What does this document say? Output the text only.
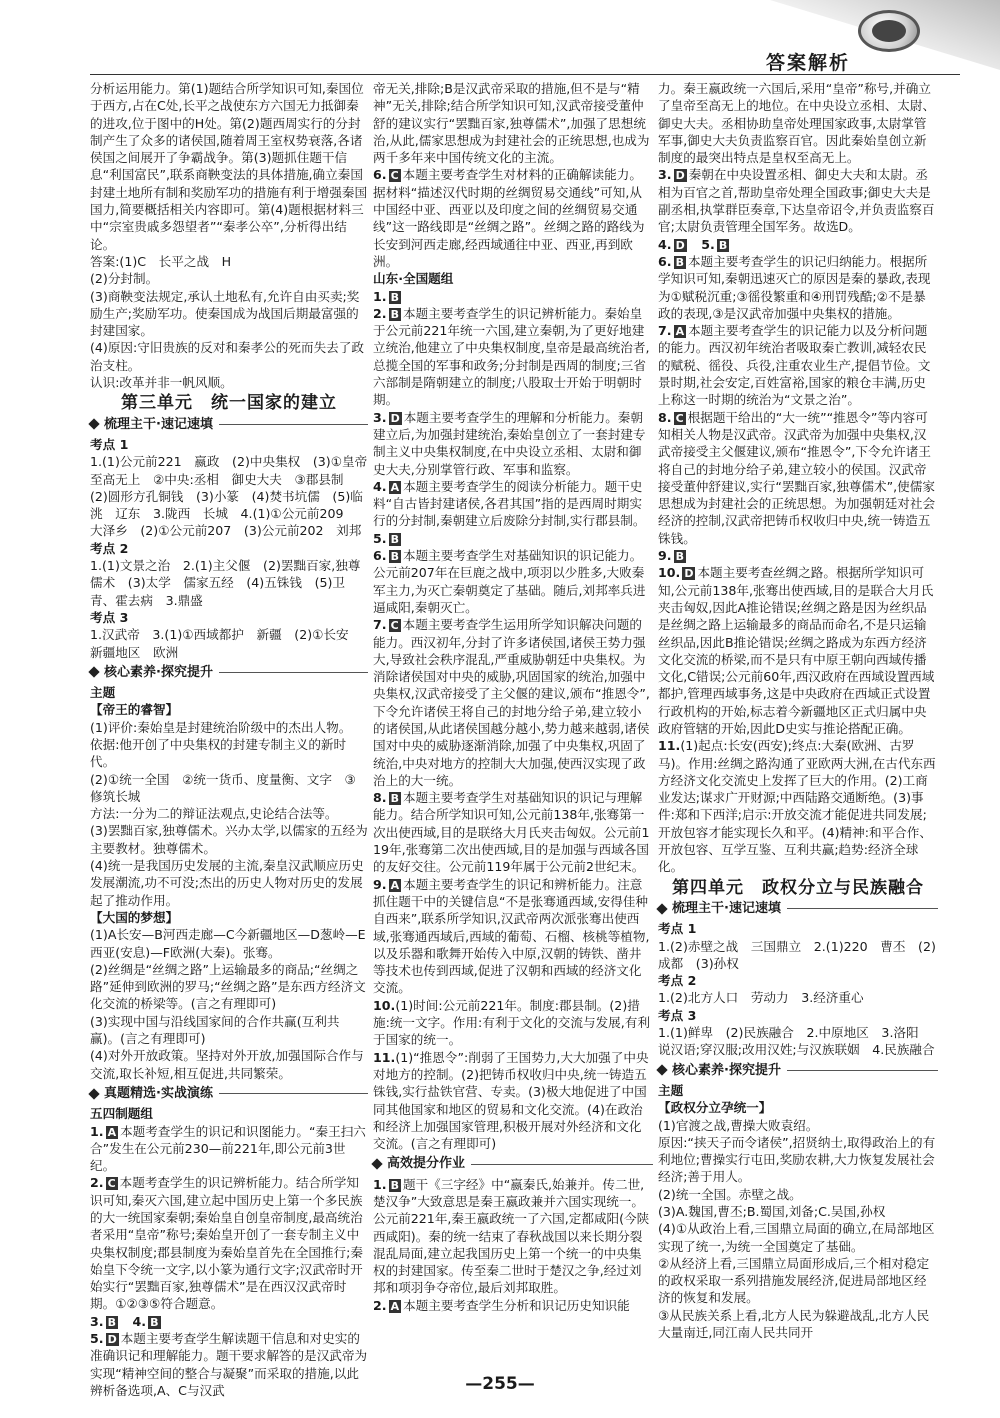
答案解析

分析运用能力。第(1)题结合所学知识可知,秦国位于西方,占在C处,长平之战使东方六国无力抵御秦的进攻,位于图中的H处。第(2)题西周实行的分封制产生了众多的诸侯国,随着周王室权势衰落,各诸侯国之间展开了争霸战争。第(3)题抓住题干信息“利国富民”,联系商鞅变法的具体措施,确立秦国封建土地所有制和奖励军功的措施有利于增强秦国国力,简要概括相关内容即可。第(4)题根据材料三中“宗室贵戚多怨望者”“秦孝公卒”,分析得出结论。

答案:(1)C　长平之战　H

(2)分封制。

(3)商鞅变法规定,承认土地私有,允许自由买卖;奖励生产;奖励军功。使秦国成为战国后期最富强的封建国家。

(4)原因:守旧贵族的反对和秦孝公的死而失去了政治支柱。

认识:改革并非一帆风顺。

第三单元　统一国家的建立
梳理主干·速记速填

考点 1

1.(1)公元前221　嬴政　(2)中央集权　(3)①皇帝至高无上　②中央:丞相　御史大夫　③郡县制　(2)圆形方孔铜钱　(3)小篆　(4)焚书坑儒　(5)临洮　辽东　3.陇西　长城　4.(1)①公元前209　大泽乡　(2)①公元前207　(3)公元前202　刘邦

考点 2

1.(1)文景之治　2.(1)主父偃　(2)罢黜百家,独尊儒术　(3)太学　儒家五经　(4)五铢钱　(5)卫青、霍去病　3.鼎盛

考点 3

1.汉武帝　3.(1)①西域都护　新疆　(2)①长安　新疆地区　欧洲

核心素养·探究提升

主题

【帝王的睿智】

(1)评价:秦始皇是封建统治阶级中的杰出人物。

依据:他开创了中央集权的封建专制主义的新时代。

(2)①统一全国　②统一货币、度量衡、文字　③修筑长城

方法:一分为二的辩证法观点,史论结合法等。

(3)罢黜百家,独尊儒术。兴办太学,以儒家的五经为主要教材。独尊儒术。

(4)统一是我国历史发展的主流,秦皇汉武顺应历史发展潮流,功不可没;杰出的历史人物对历史的发展起了推动作用。

【大国的梦想】

(1)A长安—B河西走廊—C今新疆地区—D葱岭—E西亚(安息)—F欧洲(大秦)。张骞。

(2)丝绸是“丝绸之路”上运输最多的商品;“丝绸之路”延伸到欧洲的罗马;“丝绸之路”是东西方经济文化交流的桥梁等。(言之有理即可)

(3)实现中国与沿线国家间的合作共赢(互利共赢)。(言之有理即可)

(4)对外开放政策。坚持对外开放,加强国际合作与交流,取长补短,相互促进,共同繁荣。

真题精选·实战演练

五四制题组

1. A 本题考查学生的识记和识图能力。“秦王扫六合”发生在公元前230—前221年,即公元前3世纪。

2. C 本题考查学生的识记辨析能力。结合所学知识可知,秦灭六国,建立起中国历史上第一个多民族的大一统国家秦朝;秦始皇自创皇帝制度,最高统治者采用“皇帝”称号;秦始皇开创了一套专制主义中央集权制度;郡县制度为秦始皇首先在全国推行;秦始皇下令统一文字,以小篆为通行文字;汉武帝时开始实行“罢黜百家,独尊儒术”是在西汉汉武帝时期。①②③⑤符合题意。

3. B　 4. B

5. D 本题主要考查学生解读题干信息和对史实的准确识记和理解能力。题干要求解答的是汉武帝为实现“精神空间的整合与凝聚”而采取的措施,以此辨析备选项,A、C与汉武

帝无关,排除;B是汉武帝采取的措施,但不是与“精神”无关,排除;结合所学知识可知,汉武帝接受董仲舒的建议实行“罢黜百家,独尊儒术”,加强了思想统治,从此,儒家思想成为封建社会的正统思想,也成为两千多年来中国传统文化的主流。

6. C 本题主要考查学生对材料的正确解读能力。据材料“描述汉代时期的丝绸贸易交通线”可知,从中国经中亚、西亚以及印度之间的丝绸贸易交通线”这一路线即是“丝绸之路”。丝绸之路的路线为长安到河西走廊,经西域通往中亚、西亚,再到欧洲。

山东·全国题组

1. B

2. B 本题主要考查学生的识记辨析能力。秦始皇于公元前221年统一六国,建立秦朝,为了更好地建立统治,他建立了中央集权制度,皇帝是最高统治者,总揽全国的军事和政务;分封制是西周的制度;三省六部制是隋朝建立的制度;八股取士开始于明朝时期。

3. D 本题主要考查学生的理解和分析能力。秦朝建立后,为加强封建统治,秦始皇创立了一套封建专制主义中央集权制度,在中央设立丞相、太尉和御史大夫,分别掌管行政、军事和监察。

4. A 本题主要考查学生的阅读分析能力。题干史料“自古皆封建诸侯,各君其国”指的是西周时期实行的分封制,秦朝建立后废除分封制,实行郡县制。

5. B

6. B 本题主要考查学生对基础知识的识记能力。公元前207年在巨鹿之战中,项羽以少胜多,大败秦军主力,为灭亡秦朝奠定了基础。随后,刘邦率兵进逼咸阳,秦朝灭亡。

7. C 本题主要考查学生运用所学知识解决问题的能力。西汉初年,分封了许多诸侯国,诸侯王势力强大,导致社会秩序混乱,严重威胁朝廷中央集权。为消除诸侯国对中央的威胁,巩固国家的统治,加强中央集权,汉武帝接受了主父偃的建议,颁布“推恩令”,下令允许诸侯王将自己的封地分给子弟,建立较小的诸侯国,从此诸侯国越分越小,势力越来越弱,诸侯国对中央的威胁逐渐消除,加强了中央集权,巩固了统治,中央对地方的控制大大加强,使西汉实现了政治上的大一统。

8. B 本题主要考查学生对基础知识的识记与理解能力。结合所学知识可知,公元前138年,张骞第一次出使西域,目的是联络大月氏夹击匈奴。公元前119年,张骞第二次出使西域,目的是加强与西域各国的友好交往。公元前119年属于公元前2世纪末。

9. A 本题主要考查学生的识记和辨析能力。注意抓住题干中的关键信息“不是张骞通西域,安得佳种自西来”,联系所学知识,汉武帝两次派张骞出使西域,张骞通西域后,西域的葡萄、石榴、核桃等植物,以及乐器和歌舞开始传入中原,汉朝的铸铁、凿井等技术也传到西域,促进了汉朝和西域的经济文化交流。

10.(1)时间:公元前221年。制度:郡县制。(2)措施:统一文字。作用:有利于文化的交流与发展,有利于国家的统一。

11.(1)“推恩令”:削弱了王国势力,大大加强了中央对地方的控制。(2)把铸币权收归中央,统一铸造五铢钱,实行盐铁官营、专卖。(3)极大地促进了中国同其他国家和地区的贸易和文化交流。(4)在政治和经济上加强国家管理,积极开展对外经济和文化交流。(言之有理即可)

高效提分作业

1. B 题干《三字经》中“嬴秦氏,始兼并。传二世,楚汉争”大致意思是秦王嬴政兼并六国实现统一。公元前221年,秦王嬴政统一了六国,定都咸阳(今陕西咸阳)。秦的统一结束了春秋战国以来长期分裂混乱局面,建立起我国历史上第一个统一的中央集权的封建国家。传至秦二世时于楚汉之争,经过刘邦和项羽争夺帝位,最后刘邦取胜。

2. A 本题主要考查学生分析和识记历史知识能

力。秦王嬴政统一六国后,采用“皇帝”称号,并确立了皇帝至高无上的地位。在中央设立丞相、太尉、御史大夫。丞相协助皇帝处理国家政事,太尉掌管军事,御史大夫负责监察百官。因此秦始皇创立新制度的最突出特点是皇权至高无上。

3. D 秦朝在中央设置丞相、御史大夫和太尉。丞相为百官之首,帮助皇帝处理全国政事;御史大夫是副丞相,执掌群臣奏章,下达皇帝诏令,并负责监察百官;太尉负责管理全国军务。故选D。

4. D　 5. B

6. B 本题主要考查学生的识记归纳能力。根据所学知识可知,秦朝迅速灭亡的原因是秦的暴政,表现为①赋税沉重;③徭役繁重和④刑罚残酷;②不是暴政的表现,③是汉武帝加强中央集权的措施。

7. A 本题主要考查学生的识记能力以及分析问题的能力。西汉初年统治者吸取秦亡教训,减轻农民的赋税、徭役、兵役,注重农业生产,提倡节俭。文景时期,社会安定,百姓富裕,国家的粮仓丰满,历史上称这一时期的统治为“文景之治”。

8. C 根据题干给出的“大一统”“推恩令”等内容可知相关人物是汉武帝。汉武帝为加强中央集权,汉武帝接受主父偃建议,颁布“推恩令”,下令允许诸王将自己的封地分给子弟,建立较小的侯国。汉武帝接受董仲舒建议,实行“罢黜百家,独尊儒术”,使儒家思想成为封建社会的正统思想。为加强朝廷对社会经济的控制,汉武帝把铸币权收归中央,统一铸造五铢钱。

9. B

10. D 本题主要考查丝绸之路。根据所学知识可知,公元前138年,张骞出使西域,目的是联合大月氏夹击匈奴,因此A推论错误;丝绸之路是因为丝织品是丝绸之路上运输最多的商品而命名,不是只运输丝织品,因此B推论错误;丝绸之路成为东西方经济文化交流的桥梁,而不是只有中原王朝向西域传播文化,C错误;公元前60年,西汉政府在西域设置西域都护,管理西域事务,这是中央政府在西域正式设置行政机构的开始,标志着今新疆地区正式归属中央政府管辖的开始,因此D史实与推论搭配正确。

11.(1)起点:长安(西安);终点:大秦(欧洲、古罗马)。作用:丝绸之路沟通了亚欧两大洲,在古代东西方经济文化交流史上发挥了巨大的作用。(2)工商业发达;谋求广开财源;中西陆路交通断绝。(3)事件:郑和下西洋;启示:开放交流才能促进共同发展;开放包容才能实现长久和平。(4)精神:和平合作、开放包容、互学互鉴、互利共赢;趋势:经济全球化。

第四单元　政权分立与民族融合
梳理主干·速记速填

考点 1

1.(2)赤壁之战　三国鼎立　2.(1)220　曹丕　(2)成都　(3)孙权

考点 2

1.(2)北方人口　劳动力　3.经济重心

考点 3

1.(1)鲜卑　(2)民族融合　2.中原地区　3.洛阳　说汉语;穿汉服;改用汉姓;与汉族联姻　4.民族融合

核心素养·探究提升

主题

【政权分立孕统一】

(1)官渡之战,曹操大败袁绍。

原因:“挟天子而令诸侯”,招贤纳士,取得政治上的有利地位;曹操实行屯田,奖励农耕,大力恢复发展社会经济;善于用人。

(2)统一全国。赤壁之战。

(3)A.魏国,曹丕;B.蜀国,刘备;C.吴国,孙权

(4)①从政治上看,三国鼎立局面的确立,在局部地区实现了统一,为统一全国奠定了基础。

②从经济上看,三国鼎立局面形成后,三个相对稳定的政权采取一系列措施发展经济,促进局部地区经济的恢复和发展。

③从民族关系上看,北方人民为躲避战乱,北方人民大量南迁,同江南人民共同开

—255—
